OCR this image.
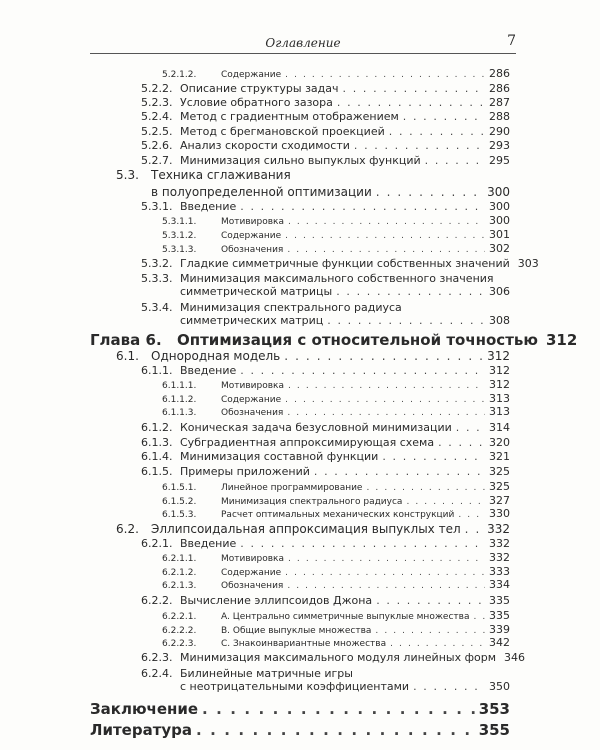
Оглавление	7
5.2.1.2.	Содержание . . .	286
5.2.2. Описание структуры задач . . .	286
5.2.3. Условие обратного зазора . . .	287
5.2.4. Метод с градиентным отображением . . .	288
5.2.5. Метод с брегмановской проекцией . . .	290
5.2.6. Анализ скорости сходимости . . .	293
5.2.7. Минимизация сильно выпуклых функций . . .	295
5.3.	Техника сглаживания
в полуопределенной оптимизации . . .	300
5.3.1. Введение . . .	300
5.3.1.1.	Мотивировка . . .	300
5.3.1.2.	Содержание . . .	301
5.3.1.3.	Обозначения . . .	302
5.3.2. Гладкие симметричные функции собственных значений 303
5.3.3. Минимизация максимального собственного значения
симметрической матрицы . . .	306
5.3.4. Минимизация спектрального радиуса
симметрических матриц . . .	308
Глава 6.	Оптимизация с относительной точностью 312
6.1.	Однородная модель . . .	312
6.1.1. Введение . . .	312
6.1.1.1.	Мотивировка . . .	312
6.1.1.2.	Содержание . . .	313
6.1.1.3.	Обозначения . . .	313
6.1.2. Коническая задача безусловной минимизации . . .	314
6.1.3. Субградиентная аппроксимирующая схема . . .	320
6.1.4. Минимизация составной функции . . .	321
6.1.5. Примеры приложений . . .	325
6.1.5.1.	Линейное программирование . . .	325
6.1.5.2.	Минимизация спектрального радиуса . . .	327
6.1.5.3.	Расчет оптимальных механических конструкций . . .	330
6.2.	Эллипсоидальная аппроксимация выпуклых тел . . . 332
6.2.1. Введение . . .	332
6.2.1.1.	Мотивировка . . .	332
6.2.1.2.	Содержание . . .	333
6.2.1.3.	Обозначения . . .	334
6.2.2. Вычисление эллипсоидов Джона . . .	335
6.2.2.1.	A. Центрально симметричные выпуклые множества . . . 335
6.2.2.2.	B. Общие выпуклые множества . . .	339
6.2.2.3.	C. Знакоинвариантные множества . . .	342
6.2.3. Минимизация максимального модуля линейных форм 346
6.2.4. Билинейные матричные игры
с неотрицательными коэффициентами . . .	350
Заключение . . .	353
Литература . . .	355
